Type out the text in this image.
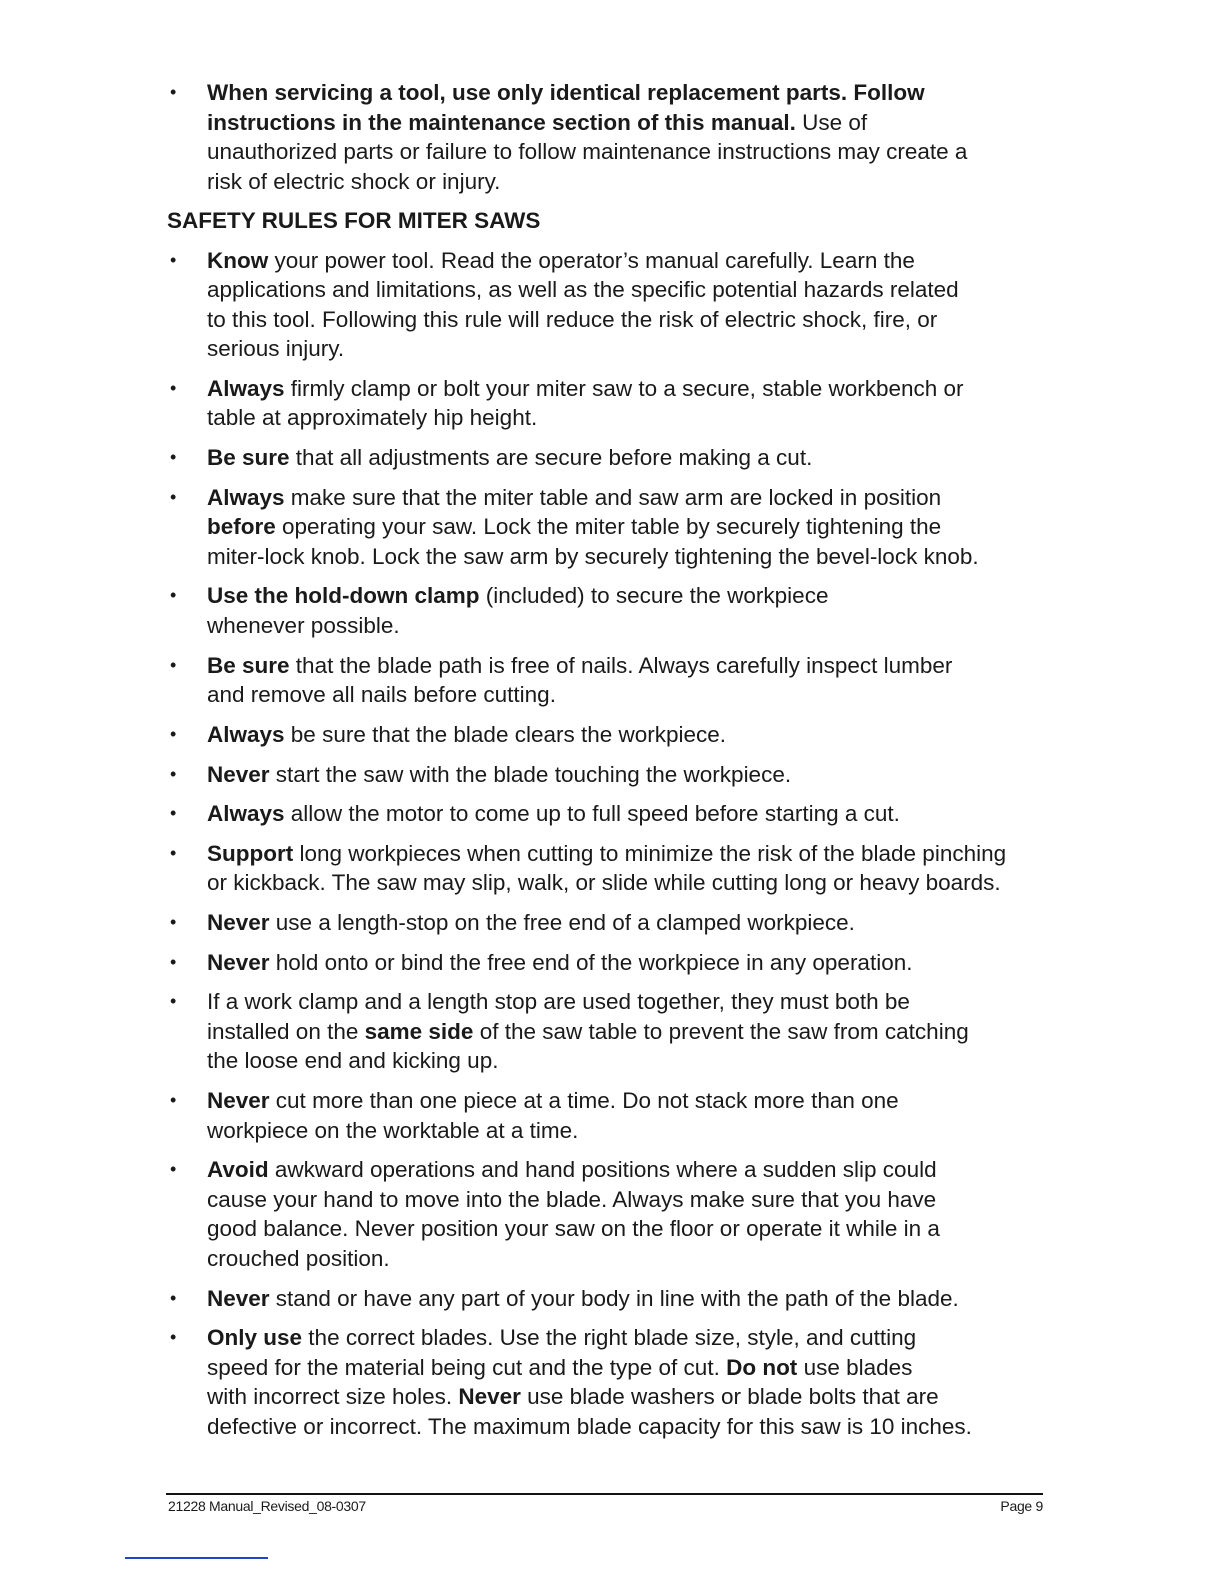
• When servicing a tool, use only identical replacement parts. Follow
instructions in the maintenance section of this manual. Use of
unauthorized parts or failure to follow maintenance instructions may create a
risk of electric shock or injury.
SAFETY RULES FOR MITER SAWS
• Know your power tool. Read the operator’s manual carefully. Learn the
applications and limitations, as well as the specific potential hazards related
to this tool. Following this rule will reduce the risk of electric shock, fire, or
serious injury.
• Always firmly clamp or bolt your miter saw to a secure, stable workbench or
table at approximately hip height.
• Be sure that all adjustments are secure before making a cut.
• Always make sure that the miter table and saw arm are locked in position
before operating your saw. Lock the miter table by securely tightening the
miter-lock knob. Lock the saw arm by securely tightening the bevel-lock knob.
• Use the hold-down clamp (included) to secure the workpiece
whenever possible.
• Be sure that the blade path is free of nails. Always carefully inspect lumber
and remove all nails before cutting.
• Always be sure that the blade clears the workpiece.
• Never start the saw with the blade touching the workpiece.
• Always allow the motor to come up to full speed before starting a cut.
• Support long workpieces when cutting to minimize the risk of the blade pinching
or kickback. The saw may slip, walk, or slide while cutting long or heavy boards.
• Never use a length-stop on the free end of a clamped workpiece.
• Never hold onto or bind the free end of the workpiece in any operation.
• If a work clamp and a length stop are used together, they must both be
installed on the same side of the saw table to prevent the saw from catching
the loose end and kicking up.
• Never cut more than one piece at a time. Do not stack more than one
workpiece on the worktable at a time.
• Avoid awkward operations and hand positions where a sudden slip could
cause your hand to move into the blade. Always make sure that you have
good balance. Never position your saw on the floor or operate it while in a
crouched position.
• Never stand or have any part of your body in line with the path of the blade.
• Only use the correct blades. Use the right blade size, style, and cutting
speed for the material being cut and the type of cut. Do not use blades
with incorrect size holes. Never use blade washers or blade bolts that are
defective or incorrect. The maximum blade capacity for this saw is 10 inches.
21228 Manual_Revised_08-0307	Page 9
